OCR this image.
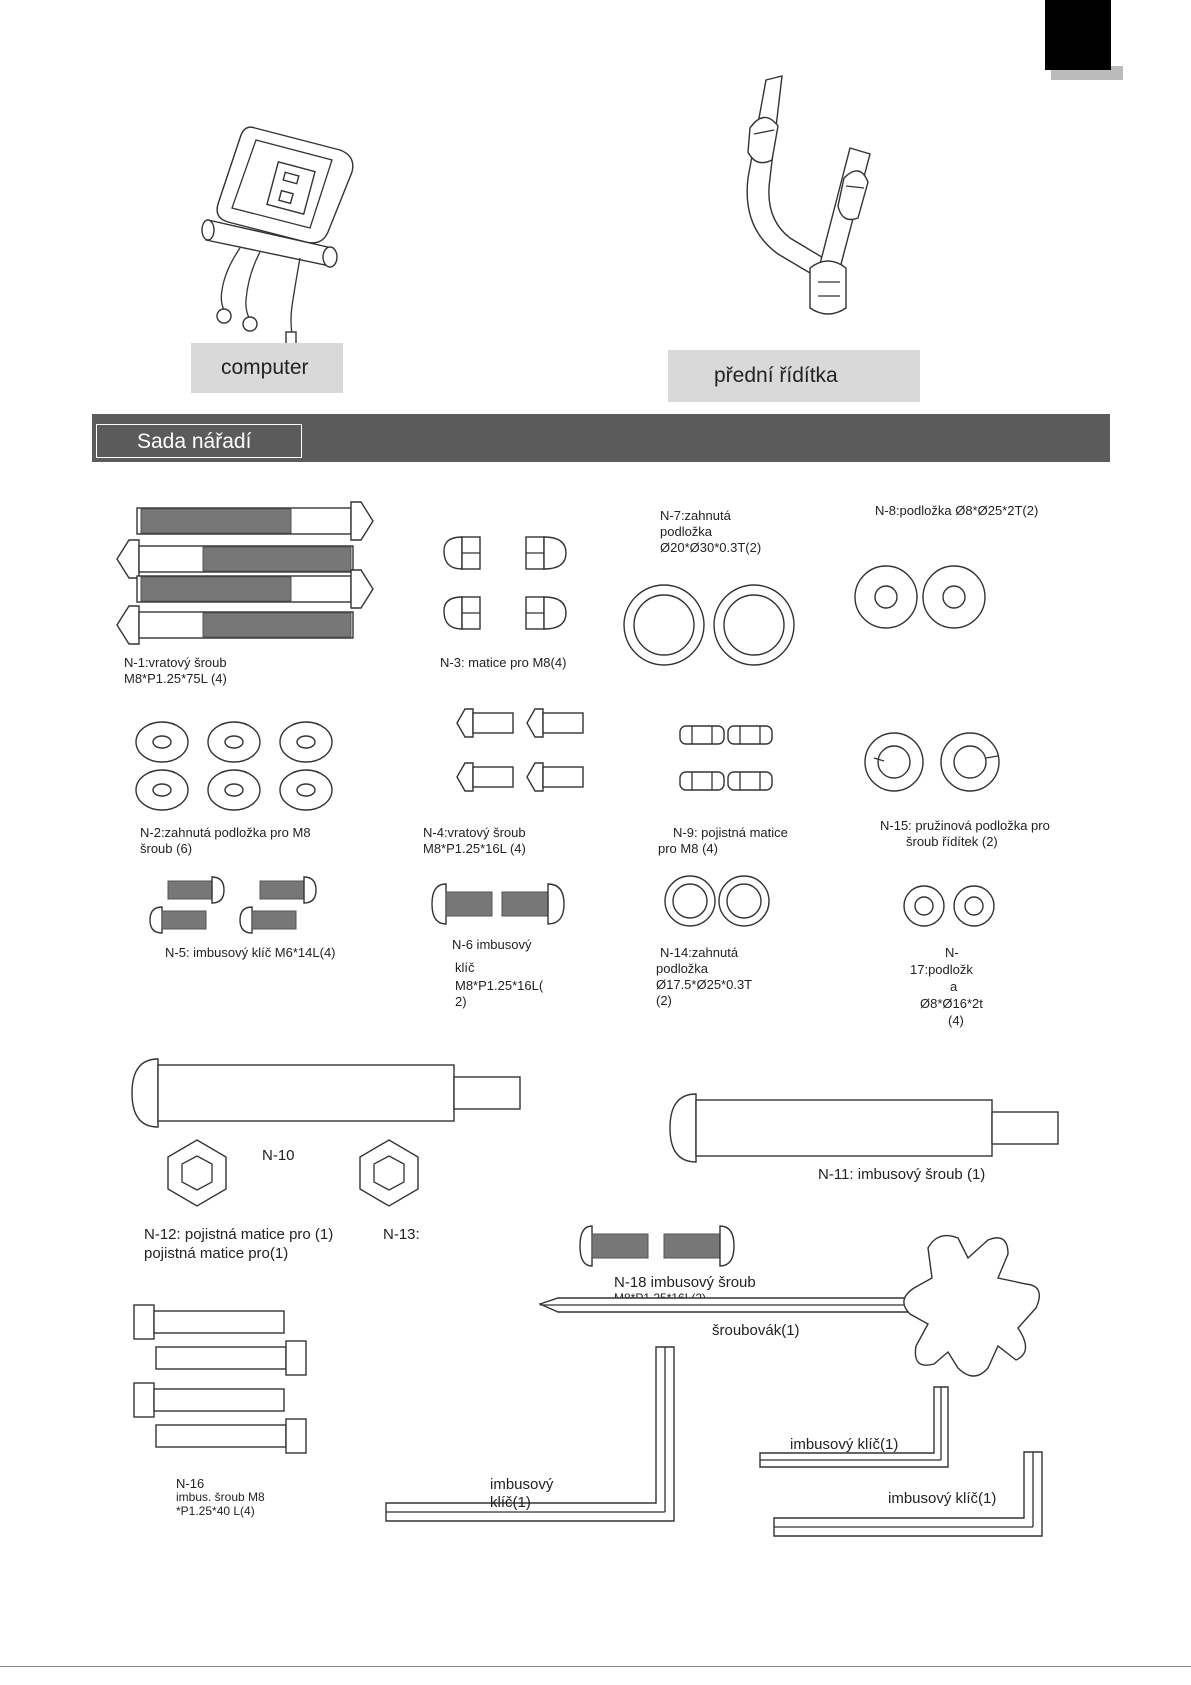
computer	přední řídítka
Sada nářadí
N-1:vratový šroub
M8*P1.25*75L (4)
N-3: matice pro M8(4)
N-7:zahnutá
podložka
Ø20*Ø30*0.3T(2)
N-8:podložka Ø8*Ø25*2T(2)
N-2:zahnutá podložka pro M8
šroub (6)
N-4:vratový šroub
M8*P1.25*16L (4)
N-9: pojistná matice
pro M8 (4)
N-15: pružinová podložka pro
šroub řídítek (2)
N-5: imbusový klíč M6*14L(4)
N-6 imbusový
klíč
M8*P1.25*16L(
2)
N-14:zahnutá
podložka
Ø17.5*Ø25*0.3T
(2)
N-
17:podložk
a
Ø8*Ø16*2t
(4)
N-10
N-12: pojistná matice pro (1)
pojistná matice pro(1)
N-13:
N-11: imbusový šroub (1)
N-18 imbusový šroub
šroubovák(1)
N-16
imbus. šroub M8
*P1.25*40 L(4)
imbusový
klíč(1)
imbusový klíč(1)
imbusový klíč(1)
